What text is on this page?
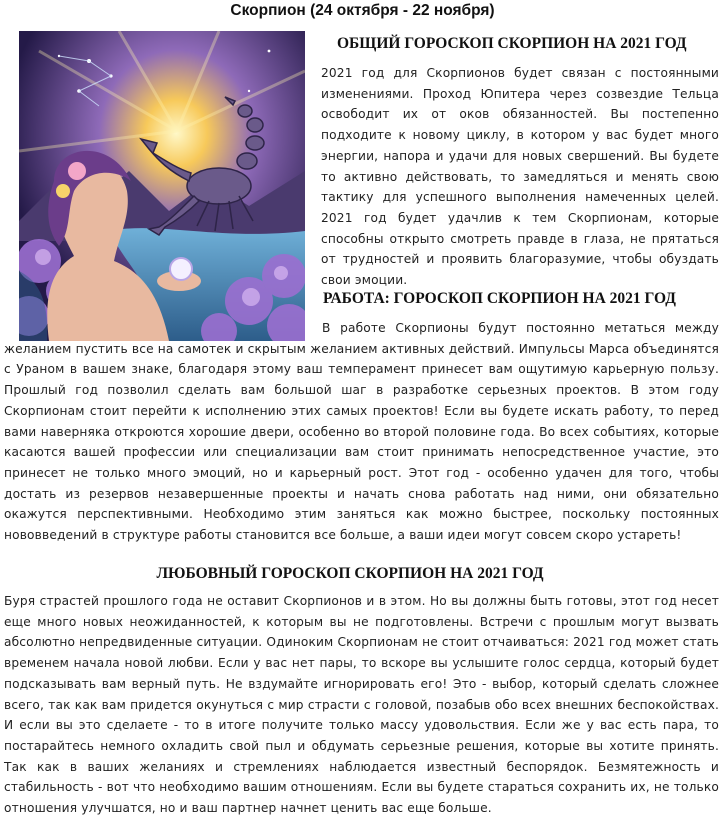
Скорпион (24 октября - 22 ноября)
ОБЩИЙ ГОРОСКОП СКОРПИОН НА 2021 ГОД
2021 год для Скорпионов будет связан с постоянными изменениями. Проход Юпитера через созвездие Тельца освободит их от оков обязанностей. Вы постепенно подходите к новому циклу, в котором у вас будет много энергии, напора и удачи для новых свершений. Вы будете то активно действовать, то замедляться и менять свою тактику для успешного выполнения намеченных целей. 2021 год будет удачлив к тем Скорпионам, которые способны открыто смотреть правде в глаза, не прятаться от трудностей и проявить благоразумие, чтобы обуздать свои эмоции.
РАБОТА: ГОРОСКОП СКОРПИОН НА 2021 ГОД
В работе Скорпионы будут постоянно метаться между желанием пустить все на самотек и скрытым желанием активных действий. Импульсы Марса объединятся с Ураном в вашем знаке, благодаря этому ваш темперамент принесет вам ощутимую карьерную пользу. Прошлый год позволил сделать вам большой шаг в разработке серьезных проектов. В этом году Скорпионам стоит перейти к исполнению этих самых проектов! Если вы будете искать работу, то перед вами наверняка откроются хорошие двери, особенно во второй половине года. Во всех событиях, которые касаются вашей профессии или специализации вам стоит принимать непосредственное участие, это принесет не только много эмоций, но и карьерный рост. Этот год - особенно удачен для того, чтобы достать из резервов незавершенные проекты и начать снова работать над ними, они обязательно окажутся перспективными. Необходимо этим заняться как можно быстрее, поскольку постоянных нововведений в структуре работы становится все больше, а ваши идеи могут совсем скоро устареть!
ЛЮБОВНЫЙ ГОРОСКОП СКОРПИОН НА 2021 ГОД
Буря страстей прошлого года не оставит Скорпионов и в этом. Но вы должны быть готовы, этот год несет еще много новых неожиданностей, к которым вы не подготовлены. Встречи с прошлым могут вызвать абсолютно непредвиденные ситуации. Одиноким Скорпионам не стоит отчаиваться: 2021 год может стать временем начала новой любви. Если у вас нет пары, то вскоре вы услышите голос сердца, который будет подсказывать вам верный путь. Не вздумайте игнорировать его! Это - выбор, который сделать сложнее всего, так как вам придется окунуться с мир страсти с головой, позабыв обо всех внешних беспокойствах. И если вы это сделаете - то в итоге получите только массу удовольствия. Если же у вас есть пара, то постарайтесь немного охладить свой пыл и обдумать серьезные решения, которые вы хотите принять. Так как в ваших желаниях и стремлениях наблюдается известный беспорядок. Безмятежность и стабильность - вот что необходимо вашим отношениям. Если вы будете стараться сохранить их, не только отношения улучшатся, но и ваш партнер начнет ценить вас еще больше.
